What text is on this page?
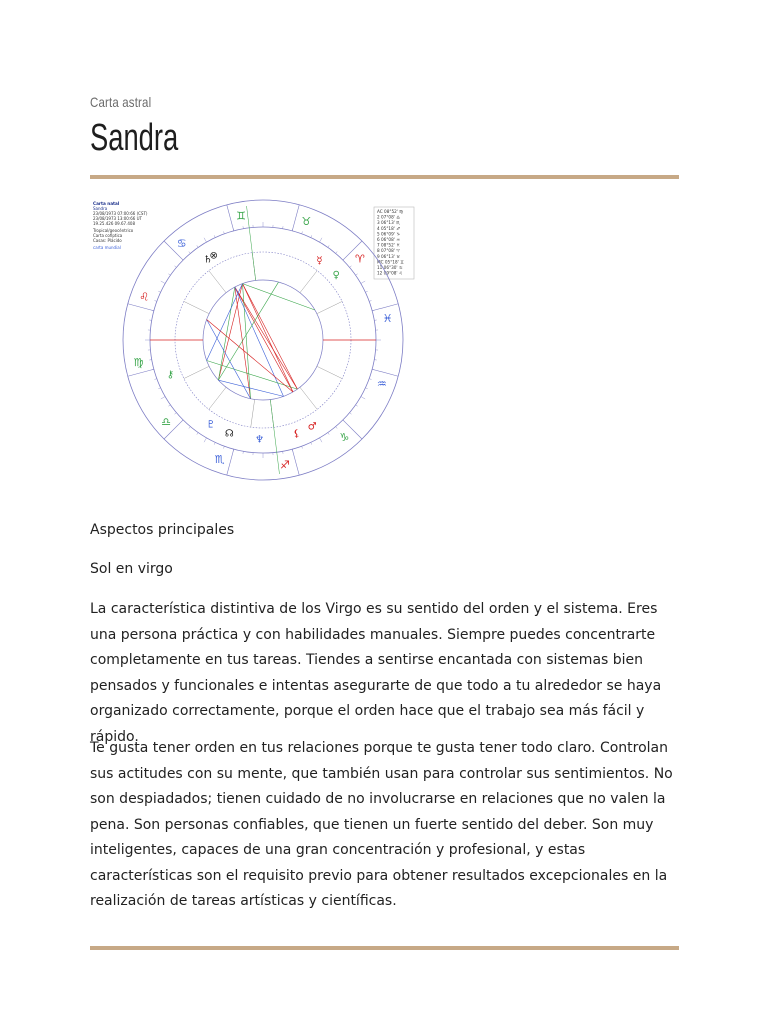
Carta astral
Sandra
Carta natal
Sandra
23/08/1973 07:00:66 (CST)
23/08/1973 13:00:66 UT
19.25.426 09.67.408
Tropical/geocéntrico
Carta cofiptica
Casas: Plácido
carta mundial
AC 08°52' ♍
2 07°08' ♎
3 06°13' ♏
4 05°18' ♐
5 06°09' ♑
6 06°08' ♒
7 08°52' ♓
8 07°08' ♈
9 06°13' ♉
MC 05°18' ♊
11 06°30' ♋
12 09°08' ♌
♊	♉
♈
♓
♒
♑
♐
♏
♎
♍
♌
♋
♄
⊗
♆
♀
☿
⚷
♇
⚸
♂
☊
Aspectos principales
Sol en virgo

La característica distintiva de los Virgo es su sentido del orden y el sistema. Eres una persona práctica y con habilidades manuales. Siempre puedes concentrarte completamente en tus tareas. Tiendes a sentirse encantada con sistemas bien pensados y funcionales e intentas asegurarte de que todo a tu alrededor se haya organizado correctamente, porque el orden hace que el trabajo sea más fácil y rápido.

Te gusta tener orden en tus relaciones porque te gusta tener todo claro. Controlan sus actitudes con su mente, que también usan para controlar sus sentimientos. No son despiadados; tienen cuidado de no involucrarse en relaciones que no valen la pena. Son personas confiables, que tienen un fuerte sentido del deber. Son muy inteligentes, capaces de una gran concentración y profesional, y estas características son el requisito previo para obtener resultados excepcionales en la realización de tareas artísticas y científicas.
